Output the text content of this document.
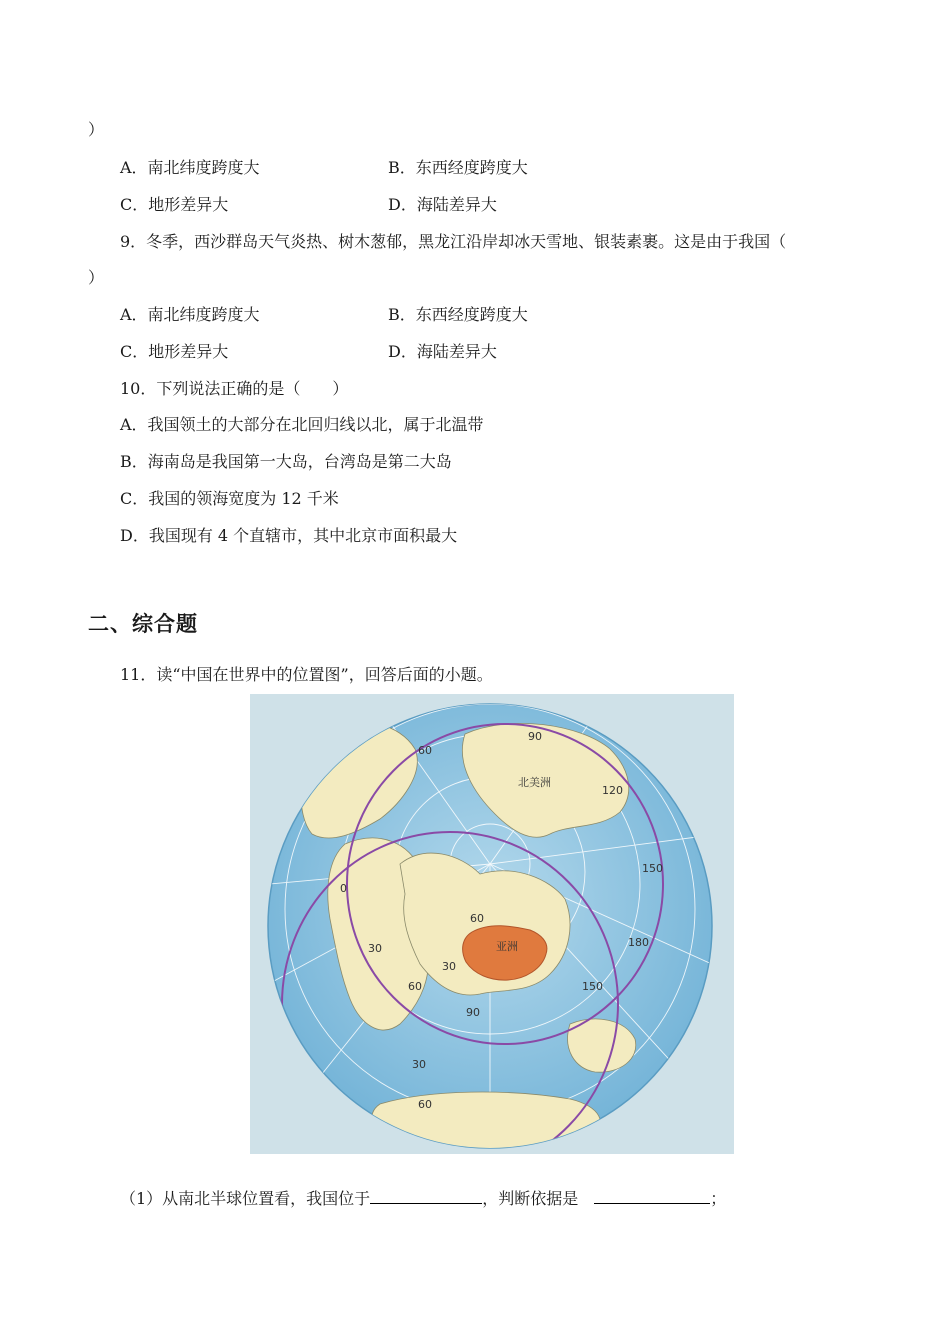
）
A．南北纬度跨度大	B．东西经度跨度大
C．地形差异大	D．海陆差异大
9．冬季，西沙群岛天气炎热、树木葱郁，黑龙江沿岸却冰天雪地、银装素裹。这是由于我国（
）
A．南北纬度跨度大	B．东西经度跨度大
C．地形差异大	D．海陆差异大
10．下列说法正确的是（　　）
A．我国领土的大部分在北回归线以北，属于北温带
B．海南岛是我国第一大岛，台湾岛是第二大岛
C．我国的领海宽度为 12 千米
D．我国现有 4 个直辖市，其中北京市面积最大
二、综合题
11．读“中国在世界中的位置图”，回答后面的小题。
60
90
120
150
180
150
0
30
60
90
60
30
30
60
亚洲
北美洲
（1）从南北半球位置看，我国位于	，判断依据是	；
